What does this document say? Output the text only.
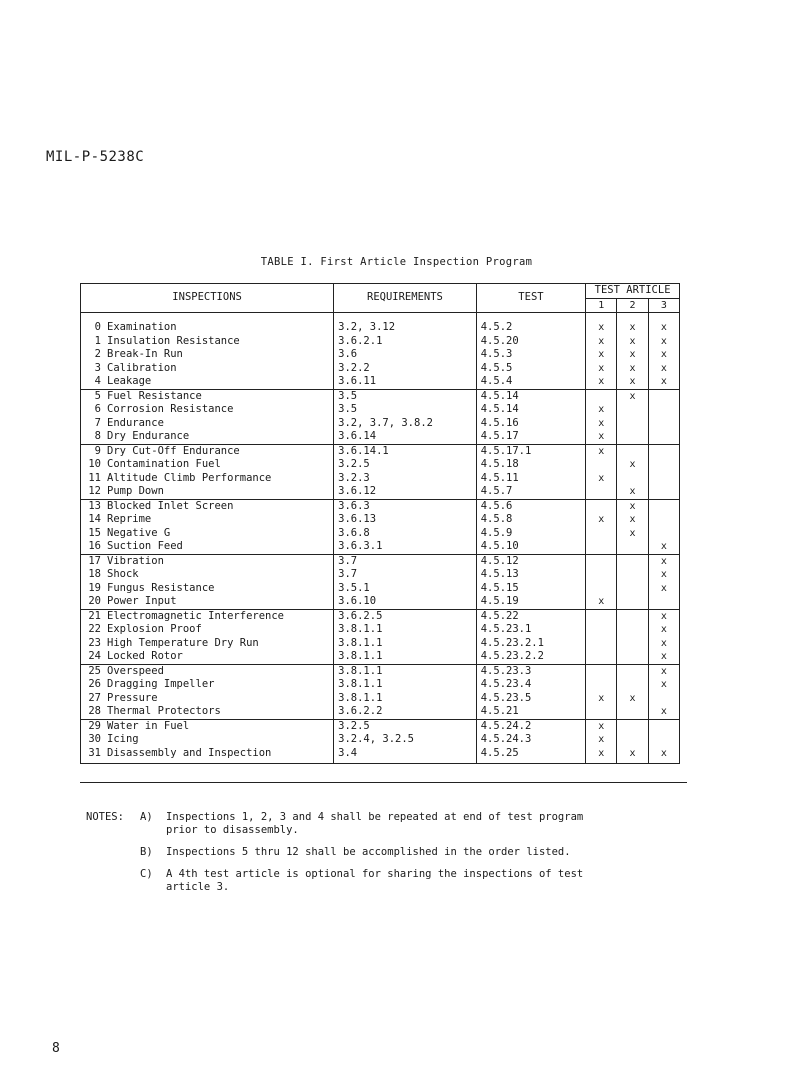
MIL-P-5238C
TABLE I. First Article Inspection Program
INSPECTIONS	REQUIREMENTS	TEST	TEST ARTICLE		
			1	2	3

0 Examination	3.2, 3.12	4.5.2	x	x	x
1 Insulation Resistance	3.6.2.1	4.5.20	x	x	x
2 Break-In Run	3.6	4.5.3	x	x	x
3 Calibration	3.2.2	4.5.5	x	x	x
4 Leakage	3.6.11	4.5.4	x	x	x
5 Fuel Resistance	3.5	4.5.14		x	
6 Corrosion Resistance	3.5	4.5.14	x		
7 Endurance	3.2, 3.7, 3.8.2	4.5.16	x		
8 Dry Endurance	3.6.14	4.5.17	x		
9 Dry Cut-Off Endurance	3.6.14.1	4.5.17.1	x		
10 Contamination Fuel	3.2.5	4.5.18		x	
11 Altitude Climb Performance	3.2.3	4.5.11	x		
12 Pump Down	3.6.12	4.5.7		x	
13 Blocked Inlet Screen	3.6.3	4.5.6		x	
14 Reprime	3.6.13	4.5.8	x	x	
15 Negative G	3.6.8	4.5.9		x	
16 Suction Feed	3.6.3.1	4.5.10			x
17 Vibration	3.7	4.5.12			x
18 Shock	3.7	4.5.13			x
19 Fungus Resistance	3.5.1	4.5.15			x
20 Power Input	3.6.10	4.5.19	x		
21 Electromagnetic Interference	3.6.2.5	4.5.22			x
22 Explosion Proof	3.8.1.1	4.5.23.1			x
23 High Temperature Dry Run	3.8.1.1	4.5.23.2.1			x
24 Locked Rotor	3.8.1.1	4.5.23.2.2			x
25 Overspeed	3.8.1.1	4.5.23.3			x
26 Dragging Impeller	3.8.1.1	4.5.23.4			x
27 Pressure	3.8.1.1	4.5.23.5	x	x	
28 Thermal Protectors	3.6.2.2	4.5.21			x
29 Water in Fuel	3.2.5	4.5.24.2	x		
30 Icing	3.2.4, 3.2.5	4.5.24.3	x		
31 Disassembly and Inspection	3.4	4.5.25	x	x	x
NOTES: A) Inspections 1, 2, 3 and 4 shall be repeated at end of test program
prior to disassembly.
B) Inspections 5 thru 12 shall be accomplished in the order listed.
C) A 4th test article is optional for sharing the inspections of test
article 3.
8
